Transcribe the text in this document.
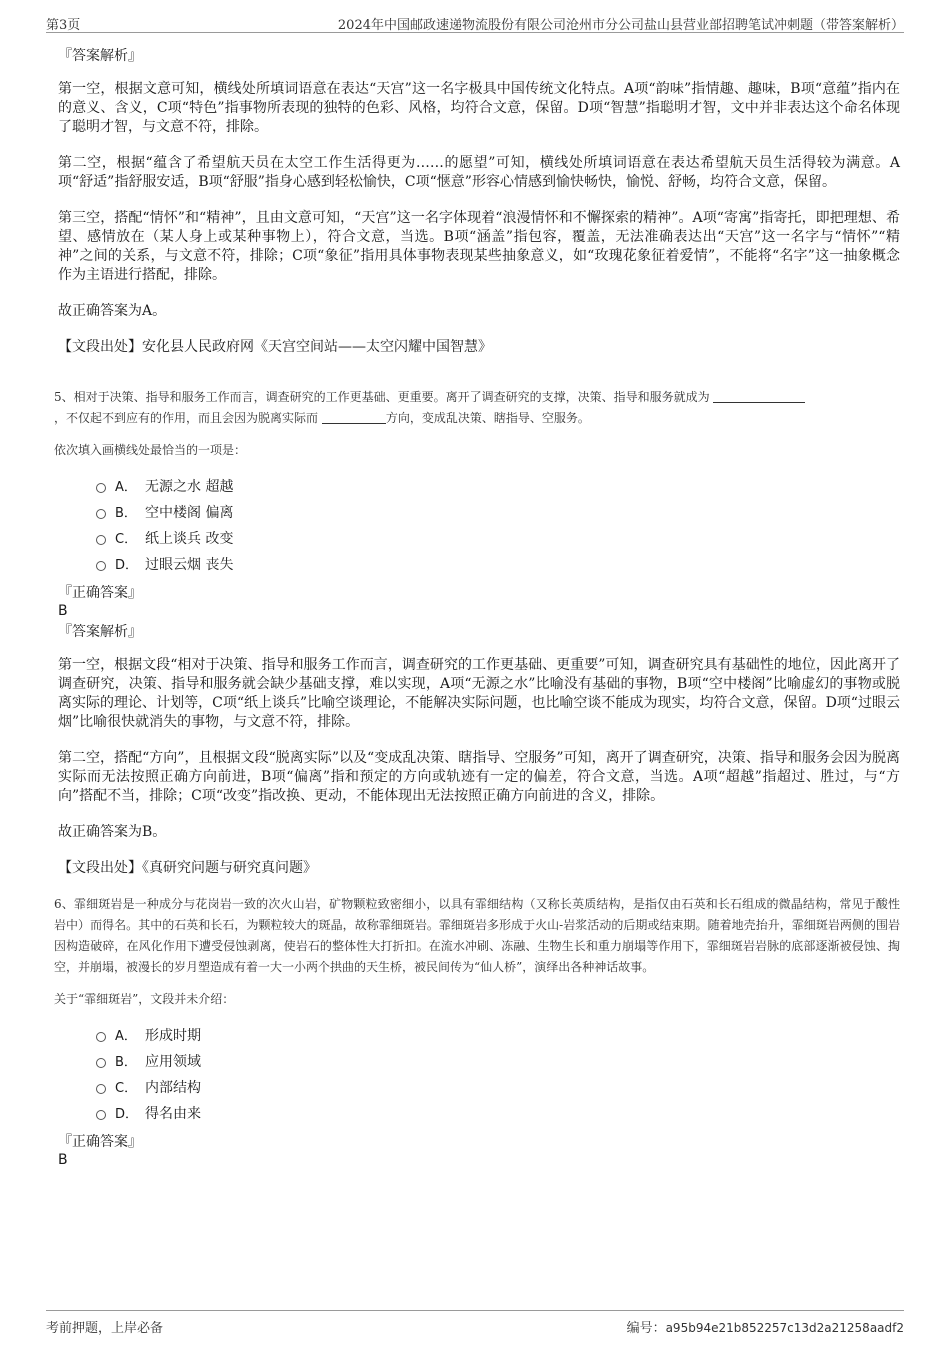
第3页	2024年中国邮政速递物流股份有限公司沧州市分公司盐山县营业部招聘笔试冲刺题（带答案解析）
『答案解析』

第一空，根据文意可知，横线处所填词语意在表达“天宫”这一名字极具中国传统文化特点。A项“韵味”指情趣、趣味，B项“意蕴”指内在的意义、含义，C项“特色”指事物所表现的独特的色彩、风格，均符合文意，保留。D项“智慧”指聪明才智，文中并非表达这个命名体现了聪明才智，与文意不符，排除。

第二空，根据“蕴含了希望航天员在太空工作生活得更为……的愿望”可知，横线处所填词语意在表达希望航天员生活得较为满意。A项“舒适”指舒服安适，B项“舒服”指身心感到轻松愉快，C项“惬意”形容心情感到愉快畅快，愉悦、舒畅，均符合文意，保留。

第三空，搭配“情怀”和“精神”，且由文意可知，“天宫”这一名字体现着“浪漫情怀和不懈探索的精神”。A项“寄寓”指寄托，即把理想、希望、感情放在（某人身上或某种事物上），符合文意，当选。B项“涵盖”指包容，覆盖，无法准确表达出“天宫”这一名字与“情怀”“精神”之间的关系，与文意不符，排除；C项“象征”指用具体事物表现某些抽象意义，如“玫瑰花象征着爱情”，不能将“名字”这一抽象概念作为主语进行搭配，排除。

故正确答案为A。

【文段出处】安化县人民政府网《天宫空间站——太空闪耀中国智慧》

5、相对于决策、指导和服务工作而言，调查研究的工作更基础、更重要。离开了调查研究的支撑，决策、指导和服务就成为
，不仅起不到应有的作用，而且会因为脱离实际而	方向，变成乱决策、瞎指导、空服务。
依次填入画横线处最恰当的一项是：
A． 无源之水 超越
B． 空中楼阁 偏离
C． 纸上谈兵 改变
D． 过眼云烟 丧失
『正确答案』
B
『答案解析』

第一空，根据文段“相对于决策、指导和服务工作而言，调查研究的工作更基础、更重要”可知，调查研究具有基础性的地位，因此离开了调查研究，决策、指导和服务就会缺少基础支撑，难以实现，A项“无源之水”比喻没有基础的事物，B项“空中楼阁”比喻虚幻的事物或脱离实际的理论、计划等，C项“纸上谈兵”比喻空谈理论，不能解决实际问题，也比喻空谈不能成为现实，均符合文意，保留。D项“过眼云烟”比喻很快就消失的事物，与文意不符，排除。

第二空，搭配“方向”，且根据文段“脱离实际”以及“变成乱决策、瞎指导、空服务”可知，离开了调查研究，决策、指导和服务会因为脱离实际而无法按照正确方向前进，B项“偏离”指和预定的方向或轨迹有一定的偏差，符合文意，当选。A项“超越”指超过、胜过，与“方向”搭配不当，排除；C项“改变”指改换、更动，不能体现出无法按照正确方向前进的含义，排除。

故正确答案为B。

【文段出处】《真研究问题与研究真问题》

6、霏细斑岩是一种成分与花岗岩一致的次火山岩，矿物颗粒致密细小，以具有霏细结构（又称长英质结构，是指仅由石英和长石组成的微晶结构，常见于酸性岩中）而得名。其中的石英和长石，为颗粒较大的斑晶，故称霏细斑岩。霏细斑岩多形成于火山-岩浆活动的后期或结束期。随着地壳抬升，霏细斑岩两侧的围岩因构造破碎，在风化作用下遭受侵蚀剥离，使岩石的整体性大打折扣。在流水冲刷、冻融、生物生长和重力崩塌等作用下，霏细斑岩岩脉的底部逐渐被侵蚀、掏空，并崩塌，被漫长的岁月塑造成有着一大一小两个拱曲的天生桥，被民间传为“仙人桥”，演绎出各种神话故事。
关于“霏细斑岩”，文段并未介绍：
A． 形成时期
B． 应用领域
C． 内部结构
D． 得名由来
『正确答案』
B
考前押题，上岸必备	编号：a95b94e21b852257c13d2a21258aadf2
